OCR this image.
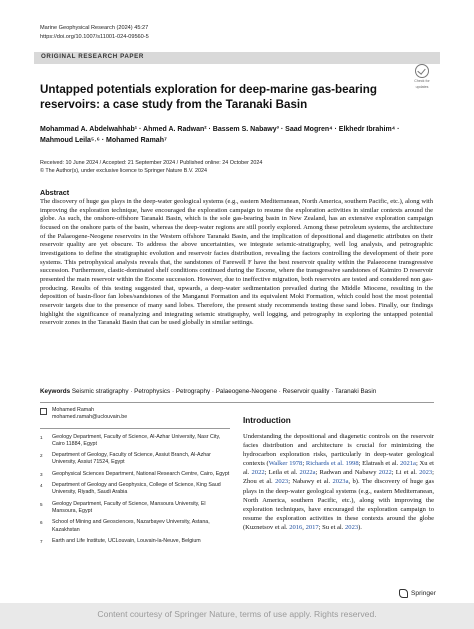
Marine Geophysical Research (2024) 45:27
https://doi.org/10.1007/s11001-024-09560-5
ORIGINAL RESEARCH PAPER
Check for
updates
Untapped potentials exploration for deep-marine gas-bearing reservoirs: a case study from the Taranaki Basin
Mohammad A. Abdelwahhab¹ · Ahmed A. Radwan² · Bassem S. Nabawy³ · Saad Mogren⁴ · Elkhedr Ibrahim⁴ ·
Mahmoud Leila⁵˒⁶ · Mohamed Ramah⁷
Received: 10 June 2024 / Accepted: 21 September 2024 / Published online: 24 October 2024
© The Author(s), under exclusive licence to Springer Nature B.V. 2024
Abstract
The discovery of huge gas plays in the deep-water geological systems (e.g., eastern Mediterranean, North America, southern Pacific, etc.), along with improving the exploration technique, have encouraged the exploration campaign to resume the exploration activities in similar contexts around the globe. As such, the onshore-offshore Taranaki Basin, which is the sole gas-bearing basin in New Zealand, has an extensive exploration campaign focused on the onshore parts of the basin, whereas the deep-water regions are still poorly explored. Among these petroleum systems, the architecture of the Palaeogene-Neogene reservoirs in the Western offshore Taranaki Basin, and the implication of depositional and diagenetic attributes on their reservoir quality are yet obscure. To address the above uncertainties, we integrate seismic-stratigraphy, well log analysis, and petrographic investigations to define the stratigraphic evolution and reservoir facies distribution, revealing the factors controlling the development of their pore systems. This petrophysical analysis reveals that, the sandstones of Farewell F have the best reservoir quality within the Palaeocene transgressive succession. Furthermore, clastic-dominated shelf conditions continued during the Eocene, where the transgressive sandstones of Kaimiro D reservoir presented the main reservoir within the Eocene succession. However, due to ineffective migration, both reservoirs are tested and considered non gas-producing. Results of this testing suggested that, upwards, a deep-water sedimentation prevailed during the Middle Miocene, resulting in the deposition of basin-floor fan lobes/sandstones of the Manganui Formation and its equivalent Moki Formation, which could host the most potential reservoir targets due to the presence of many sand lobes. Therefore, the present study recommends testing these sand lobes. Finally, our findings highlight the significance of reanalyzing and integrating seismic stratigraphy, well logging, and petrography in exploring the untapped potential reservoir zones in the Taranaki Basin that can be used globally in similar settings.
Keywords Seismic stratigraphy · Petrophysics · Petrography · Palaeogene-Neogene · Reservoir quality · Taranaki Basin
Mohamed Ramah
mohamed.ramah@uclouvain.be
1	Geology Department, Faculty of Science, Al-Azhar University, Nasr City, Cairo 11884, Egypt
2	Department of Geology, Faculty of Science, Assiut Branch, Al-Azhar University, Assiut 71524, Egypt
3	Geophysical Sciences Department, National Research Centre, Cairo, Egypt
4	Department of Geology and Geophysics, College of Science, King Saud University, Riyadh, Saudi Arabia
5	Geology Department, Faculty of Science, Mansoura University, El Mansoura, Egypt
6	School of Mining and Geosciences, Nazarbayev University, Astana, Kazakhstan
7	Earth and Life Institute, UCLouvain, Louvain-la-Neuve, Belgium
Introduction
Understanding the depositional and diagenetic controls on the reservoir facies distribution and architecture is crucial for minimizing the hydrocarbon exploration risks, particularly in deep-water geological contexts (Walker 1978; Richards et al. 1998; Elatrash et al. 2021a; Xu et al. 2022; Leila et al. 2022a; Radwan and Nabawy 2022; Li et al. 2023; Zhou et al. 2023; Nabawy et al. 2023a, b). The discovery of huge gas plays in the deep-water geological systems (e.g., eastern Mediterranean, North America, southern Pacific, etc.), along with improving the exploration techniques, have encouraged the exploration campaign to resume the exploration activities in these contexts around the globe (Kuznetsov et al. 2016, 2017; Su et al. 2023).
Springer
Content courtesy of Springer Nature, terms of use apply. Rights reserved.
